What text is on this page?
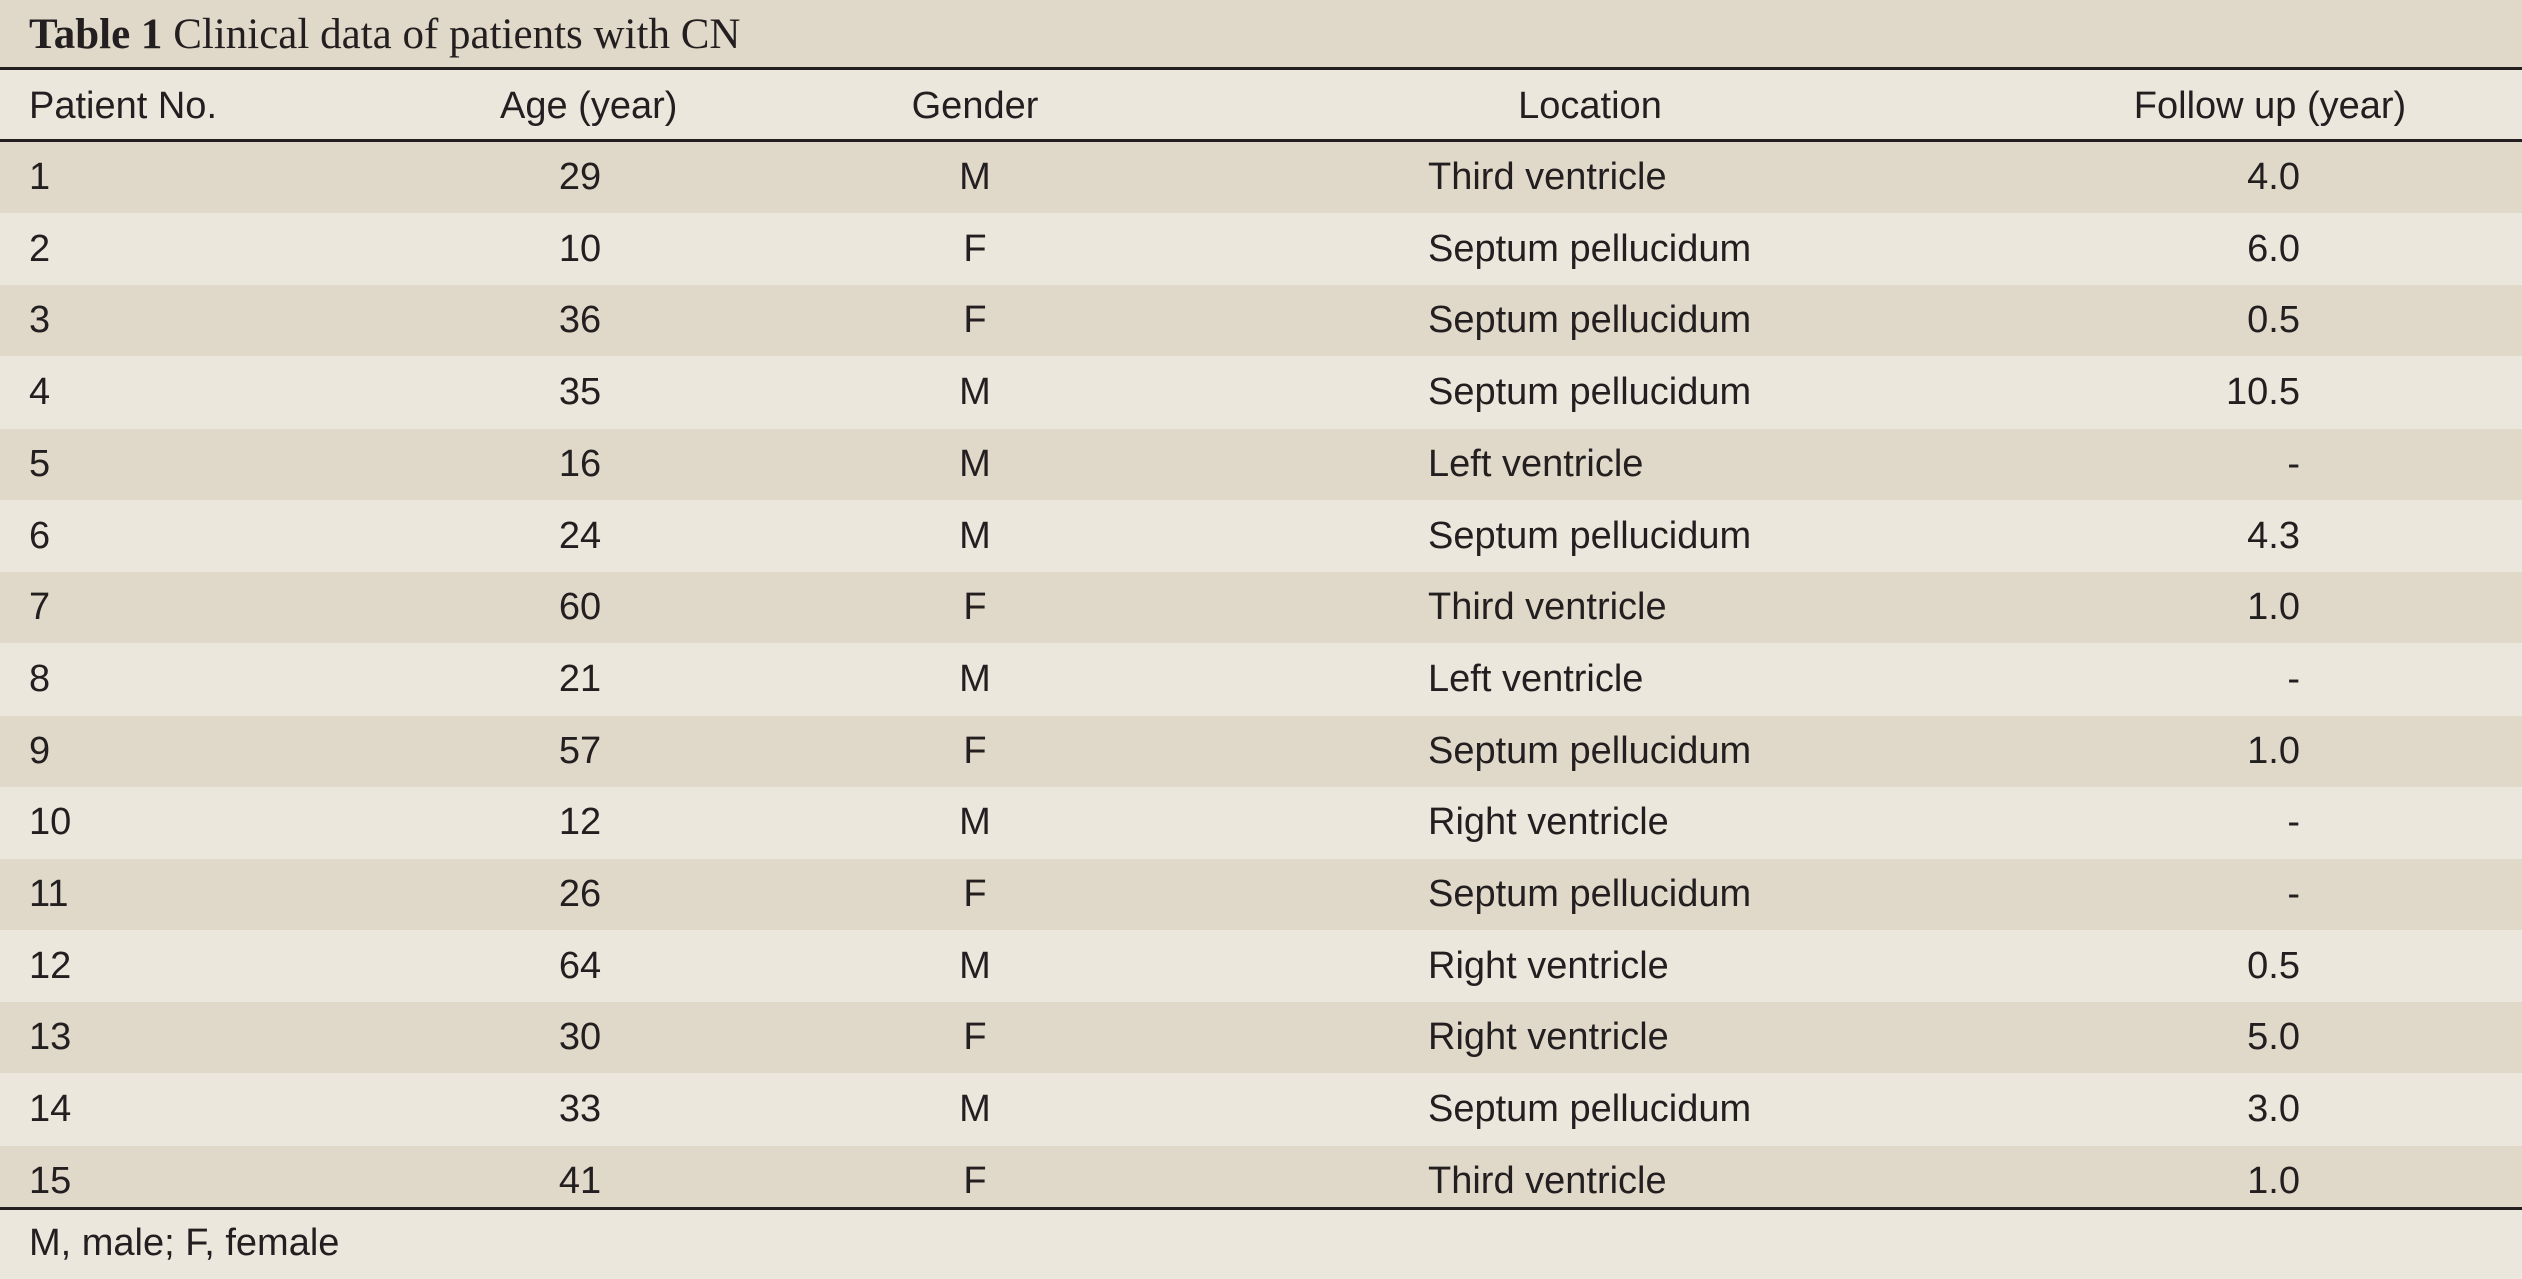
Table 1 Clinical data of patients with CN
Patient No.	Age (year)	Gender	Location	Follow up (year)
1	29	M	Third ventricle	4.0
2	10	F	Septum pellucidum	6.0
3	36	F	Septum pellucidum	0.5
4	35	M	Septum pellucidum	10.5
5	16	M	Left ventricle	-
6	24	M	Septum pellucidum	4.3
7	60	F	Third ventricle	1.0
8	21	M	Left ventricle	-
9	57	F	Septum pellucidum	1.0
10	12	M	Right ventricle	-
11	26	F	Septum pellucidum	-
12	64	M	Right ventricle	0.5
13	30	F	Right ventricle	5.0
14	33	M	Septum pellucidum	3.0
15	41	F	Third ventricle	1.0
M, male; F, female
